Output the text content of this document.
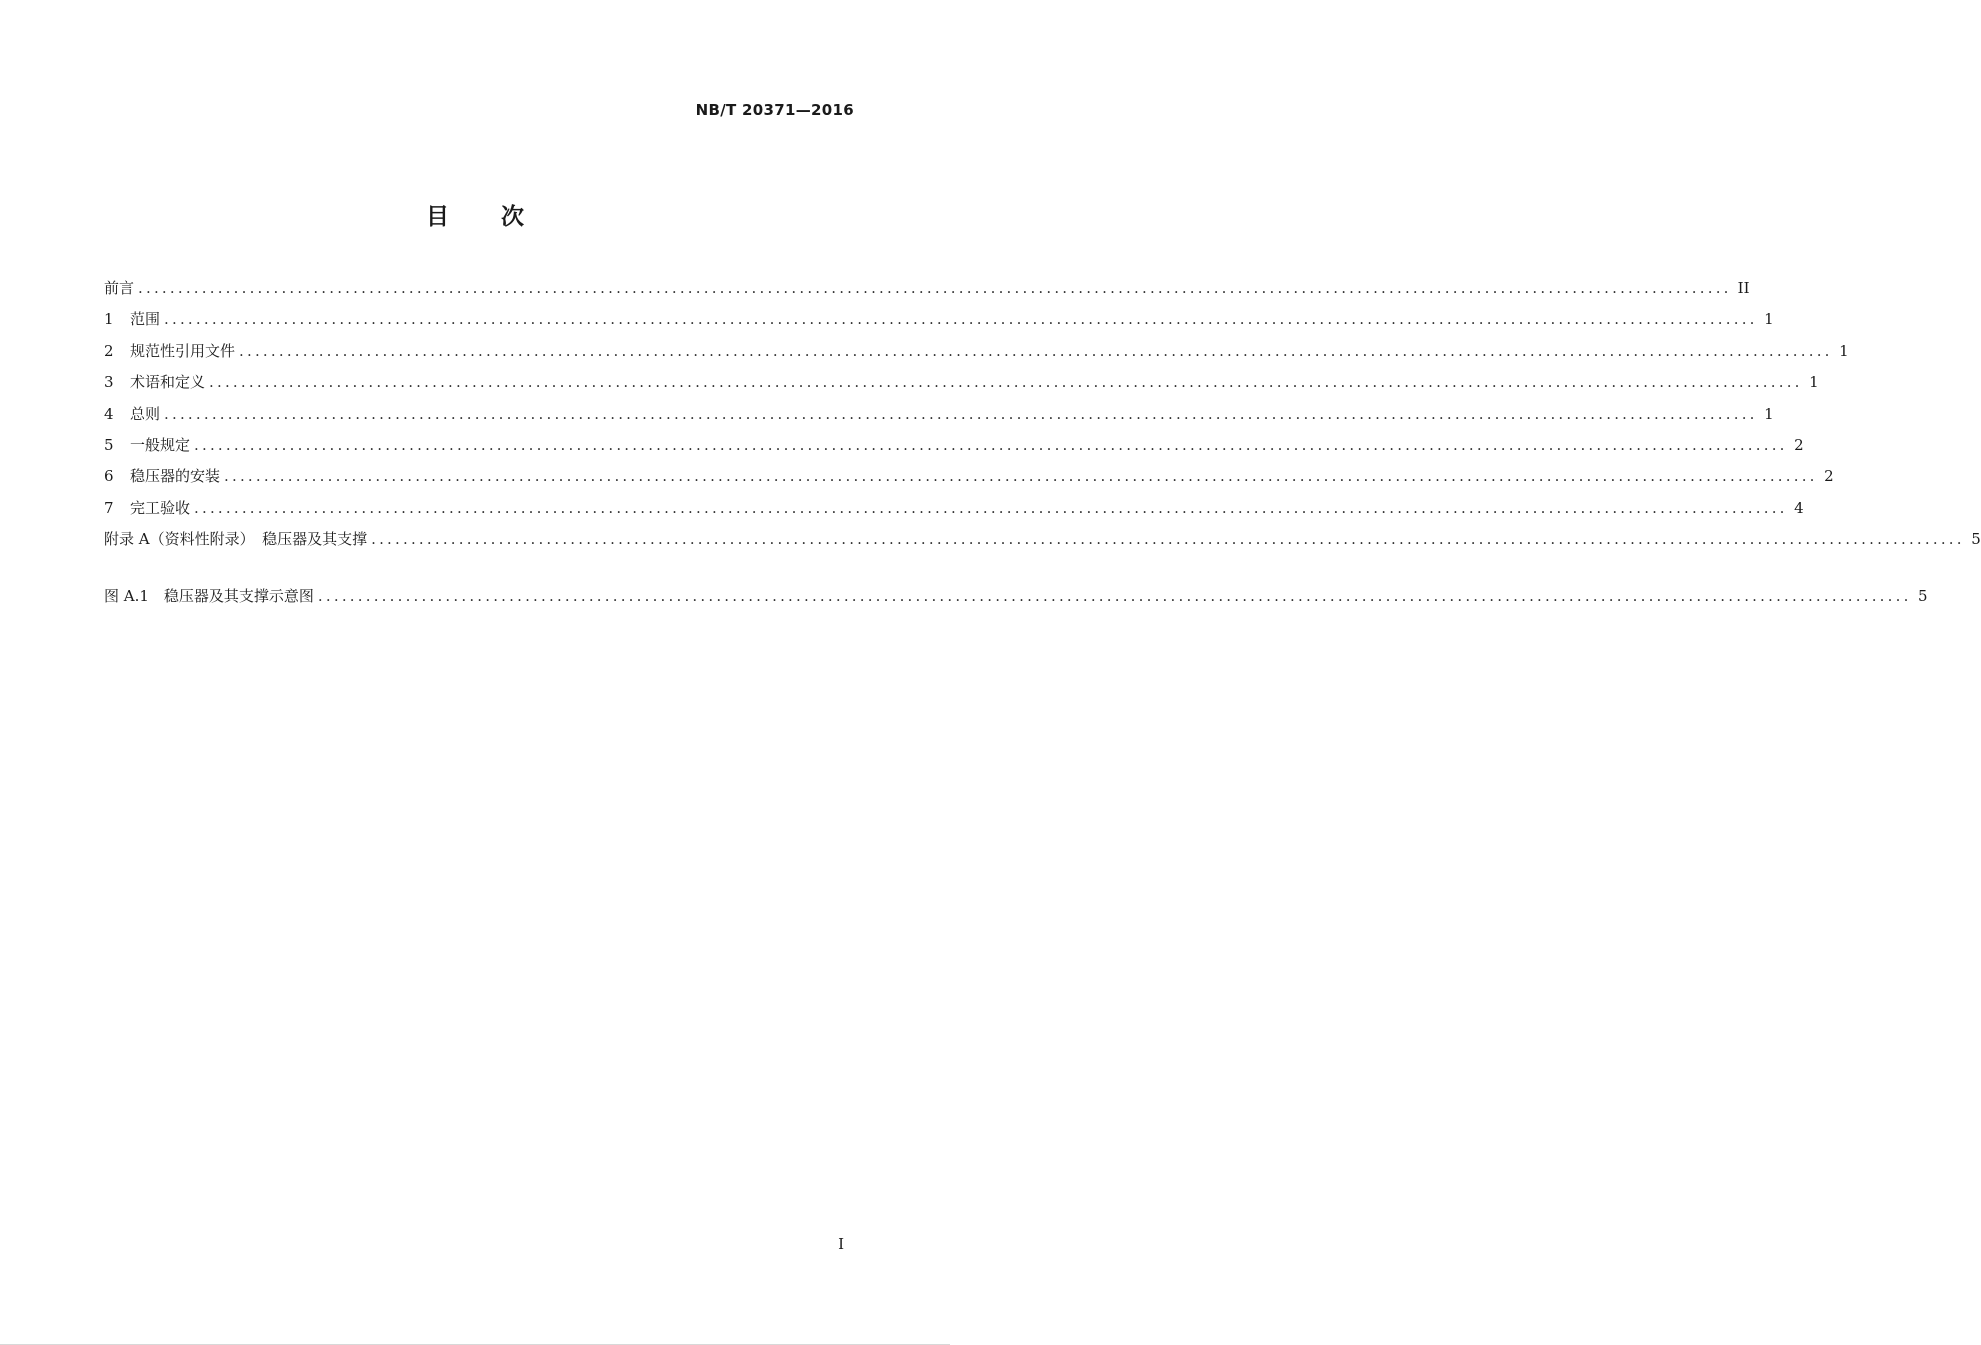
NB/T 20371—2016
目 次
前言 ........................................................................................................................................................................................................ II
1	范围 ........................................................................................................................................................................................................ 1
2	规范性引用文件 ........................................................................................................................................................................................................ 1
3	术语和定义 ........................................................................................................................................................................................................ 1
4	总则 ........................................................................................................................................................................................................ 1
5	一般规定 ........................................................................................................................................................................................................ 2
6	稳压器的安装 ........................................................................................................................................................................................................ 2
7	完工验收 ........................................................................................................................................................................................................ 4
附录 A（资料性附录）　稳压器及其支撑 ........................................................................................................................................................................................................ 5
图 A.1　稳压器及其支撑示意图 ........................................................................................................................................................................................................ 5
I
